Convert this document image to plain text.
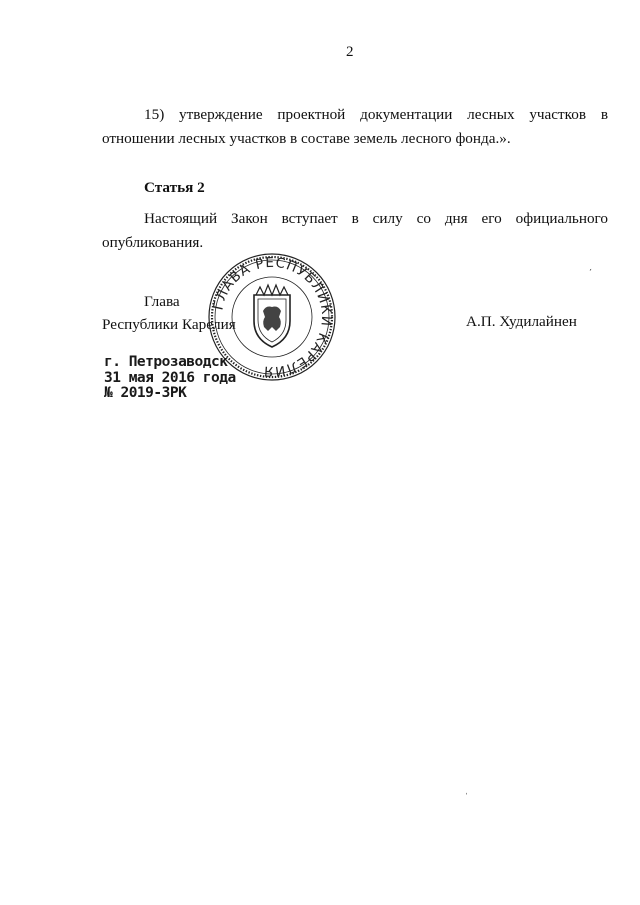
2

15) утверждение проектной документации лесных участков в отношении лесных участков в составе земель лесного фонда.».

Статья 2

Настоящий Закон вступает в силу со дня его официального опубликования.

Глава
Республики Карелия	А.П. Худилайнен
ГЛАВА РЕСПУБЛИКИ КАРЕЛИЯ
г. Петрозаводск
31 мая 2016 года
№ 2019-ЗРК
ˊ
ˈ
